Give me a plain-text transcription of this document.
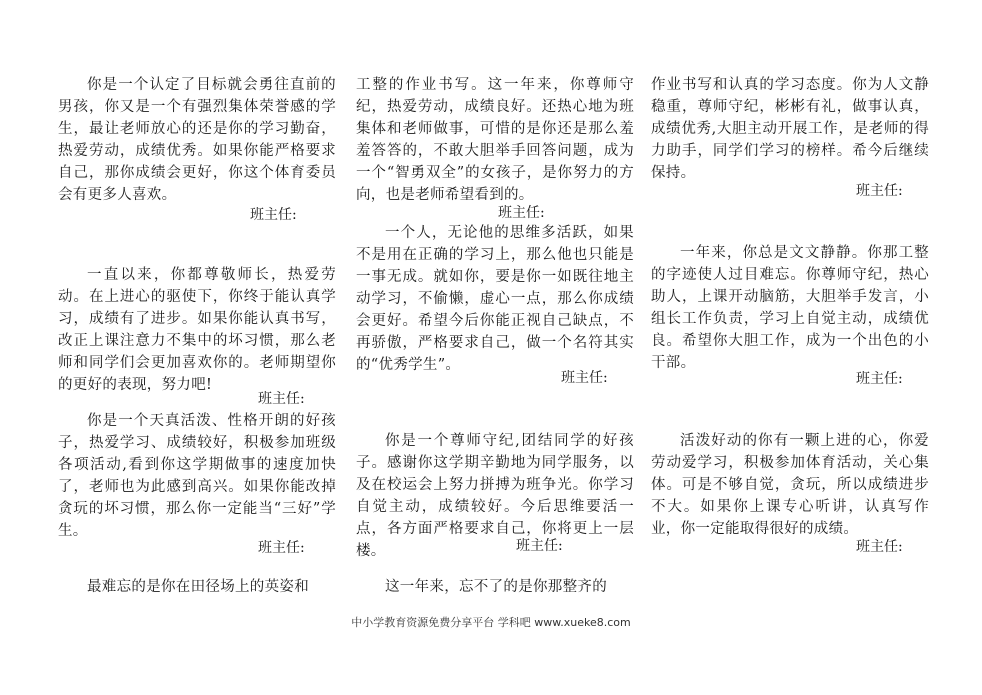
你是一个认定了目标就会勇往直前的男孩，你又是一个有强烈集体荣誉感的学生，最让老师放心的还是你的学习勤奋，热爱劳动，成绩优秀。如果你能严格要求自己，那你成绩会更好，你这个体育委员会有更多人喜欢。

班主任:

一直以来，你都尊敬师长，热爱劳动。在上进心的驱使下，你终于能认真学习，成绩有了进步。如果你能认真书写，改正上课注意力不集中的坏习惯，那么老师和同学们会更加喜欢你的。老师期望你的更好的表现，努力吧!

班主任:

你是一个天真活泼、性格开朗的好孩子，热爱学习、成绩较好，积极参加班级各项活动,看到你这学期做事的速度加快了，老师也为此感到高兴。如果你能改掉贪玩的坏习惯，那么你一定能当“三好”学生。

班主任:

最难忘的是你在田径场上的英姿和

工整的作业书写。这一年来，你尊师守纪，热爱劳动，成绩良好。还热心地为班集体和老师做事，可惜的是你还是那么羞羞答答的，不敢大胆举手回答问题，成为一个“智勇双全”的女孩子，是你努力的方向，也是老师希望看到的。

班主任:

一个人，无论他的思维多活跃，如果不是用在正确的学习上，那么他也只能是一事无成。就如你，要是你一如既往地主动学习，不偷懒，虚心一点，那么你成绩会更好。希望今后你能正视自己缺点，不再骄傲，严格要求自己，做一个名符其实的“优秀学生”。

班主任:

你是一个尊师守纪,团结同学的好孩子。感谢你这学期辛勤地为同学服务，以及在校运会上努力拼搏为班争光。你学习自觉主动，成绩较好。今后思维要活一点，各方面严格要求自己，你将更上一层楼。	班主任:

这一年来，忘不了的是你那整齐的

作业书写和认真的学习态度。你为人文静稳重，尊师守纪，彬彬有礼，做事认真，成绩优秀,大胆主动开展工作，是老师的得力助手，同学们学习的榜样。希今后继续保持。

班主任:

一年来，你总是文文静静。你那工整的字迹使人过目难忘。你尊师守纪，热心助人，上课开动脑筋，大胆举手发言，小组长工作负责，学习上自觉主动，成绩优良。希望你大胆工作，成为一个出色的小干部。

班主任:

活泼好动的你有一颗上进的心，你爱劳动爱学习，积极参加体育活动，关心集体。可是不够自觉，贪玩，所以成绩进步不大。如果你上课专心听讲，认真写作业，你一定能取得很好的成绩。

班主任:
中小学教育资源免费分享平台 学科吧 www.xueke8.com
